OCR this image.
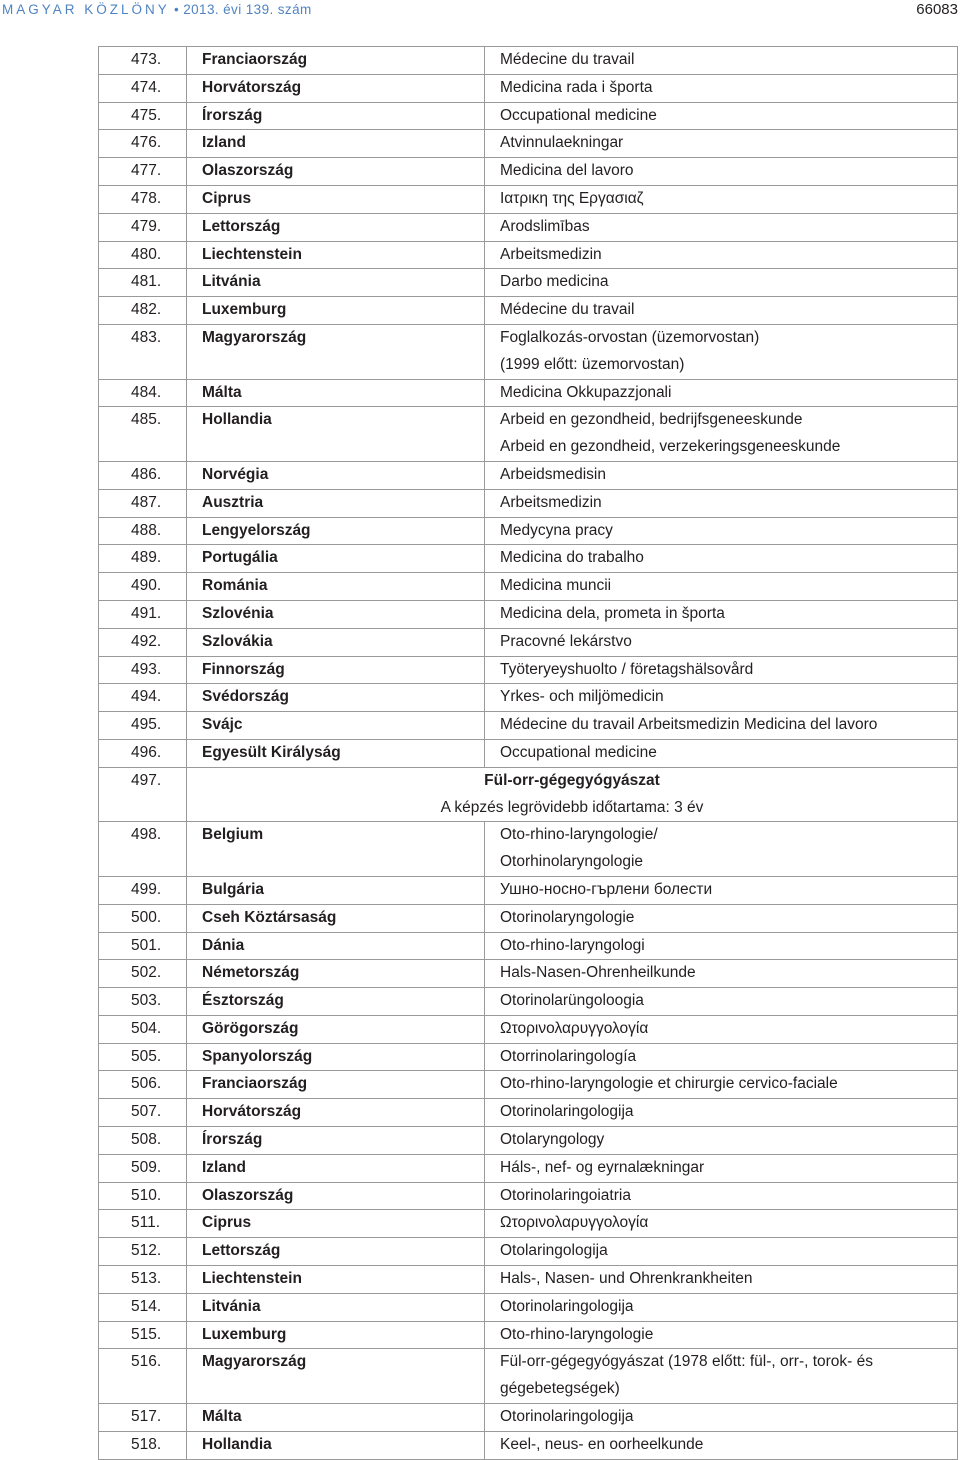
MAGYAR KÖZLÖNY • 2013. évi 139. szám	66083
473.	Franciaország	Médecine du travail

474.	Horvátország	Medicina rada i športa

475.	Írország	Occupational medicine

476.	Izland	Atvinnulaekningar

477.	Olaszország	Medicina del lavoro

478.	Ciprus	Ιατρικη της Εργασιαζ

479.	Lettország	Arodslimības

480.	Liechtenstein	Arbeitsmedizin

481.	Litvánia	Darbo medicina

482.	Luxemburg	Médecine du travail

483.	Magyarország	Foglalkozás-orvostan (üzemorvostan)
(1999 előtt: üzemorvostan)

484.	Málta	Medicina Okkupazzjonali

485.	Hollandia	Arbeid en gezondheid, bedrijfsgeneeskunde
Arbeid en gezondheid, verzekeringsgeneeskunde

486.	Norvégia	Arbeidsmedisin

487.	Ausztria	Arbeitsmedizin

488.	Lengyelország	Medycyna pracy

489.	Portugália	Medicina do trabalho

490.	Románia	Medicina muncii

491.	Szlovénia	Medicina dela, prometa in športa

492.	Szlovákia	Pracovné lekárstvo

493.	Finnország	Työteryeyshuolto / företagshälsovård

494.	Svédország	Yrkes- och miljömedicin

495.	Svájc	Médecine du travail Arbeitsmedizin Medicina del lavoro

496.	Egyesült Királyság	Occupational medicine

497.	Fül-orr-gégegyógyászat
A képzés legrövidebb időtartama: 3 év	

498.	Belgium	Oto-rhino-laryngologie/
Otorhinolaryngologie

499.	Bulgária	Ушно-носно-гърлени болести

500.	Cseh Köztársaság	Otorinolaryngologie

501.	Dánia	Oto-rhino-laryngologi

502.	Németország	Hals-Nasen-Ohrenheilkunde

503.	Észtország	Otorinolarüngoloogia

504.	Görögország	Ωτορινολαρυγγολογία

505.	Spanyolország	Otorrinolaringología

506.	Franciaország	Oto-rhino-laryngologie et chirurgie cervico-faciale

507.	Horvátország	Otorinolaringologija

508.	Írország	Otolaryngology

509.	Izland	Háls-, nef- og eyrnalækningar

510.	Olaszország	Otorinolaringoiatria

511.	Ciprus	Ωτορινολαρυγγολογία

512.	Lettország	Otolaringologija

513.	Liechtenstein	Hals-, Nasen- und Ohrenkrankheiten

514.	Litvánia	Otorinolaringologija

515.	Luxemburg	Oto-rhino-laryngologie

516.	Magyarország	Fül-orr-gégegyógyászat (1978 előtt: fül-, orr-, torok- és
gégebetegségek)

517.	Málta	Otorinolaringologija

518.	Hollandia	Keel-, neus- en oorheelkunde
